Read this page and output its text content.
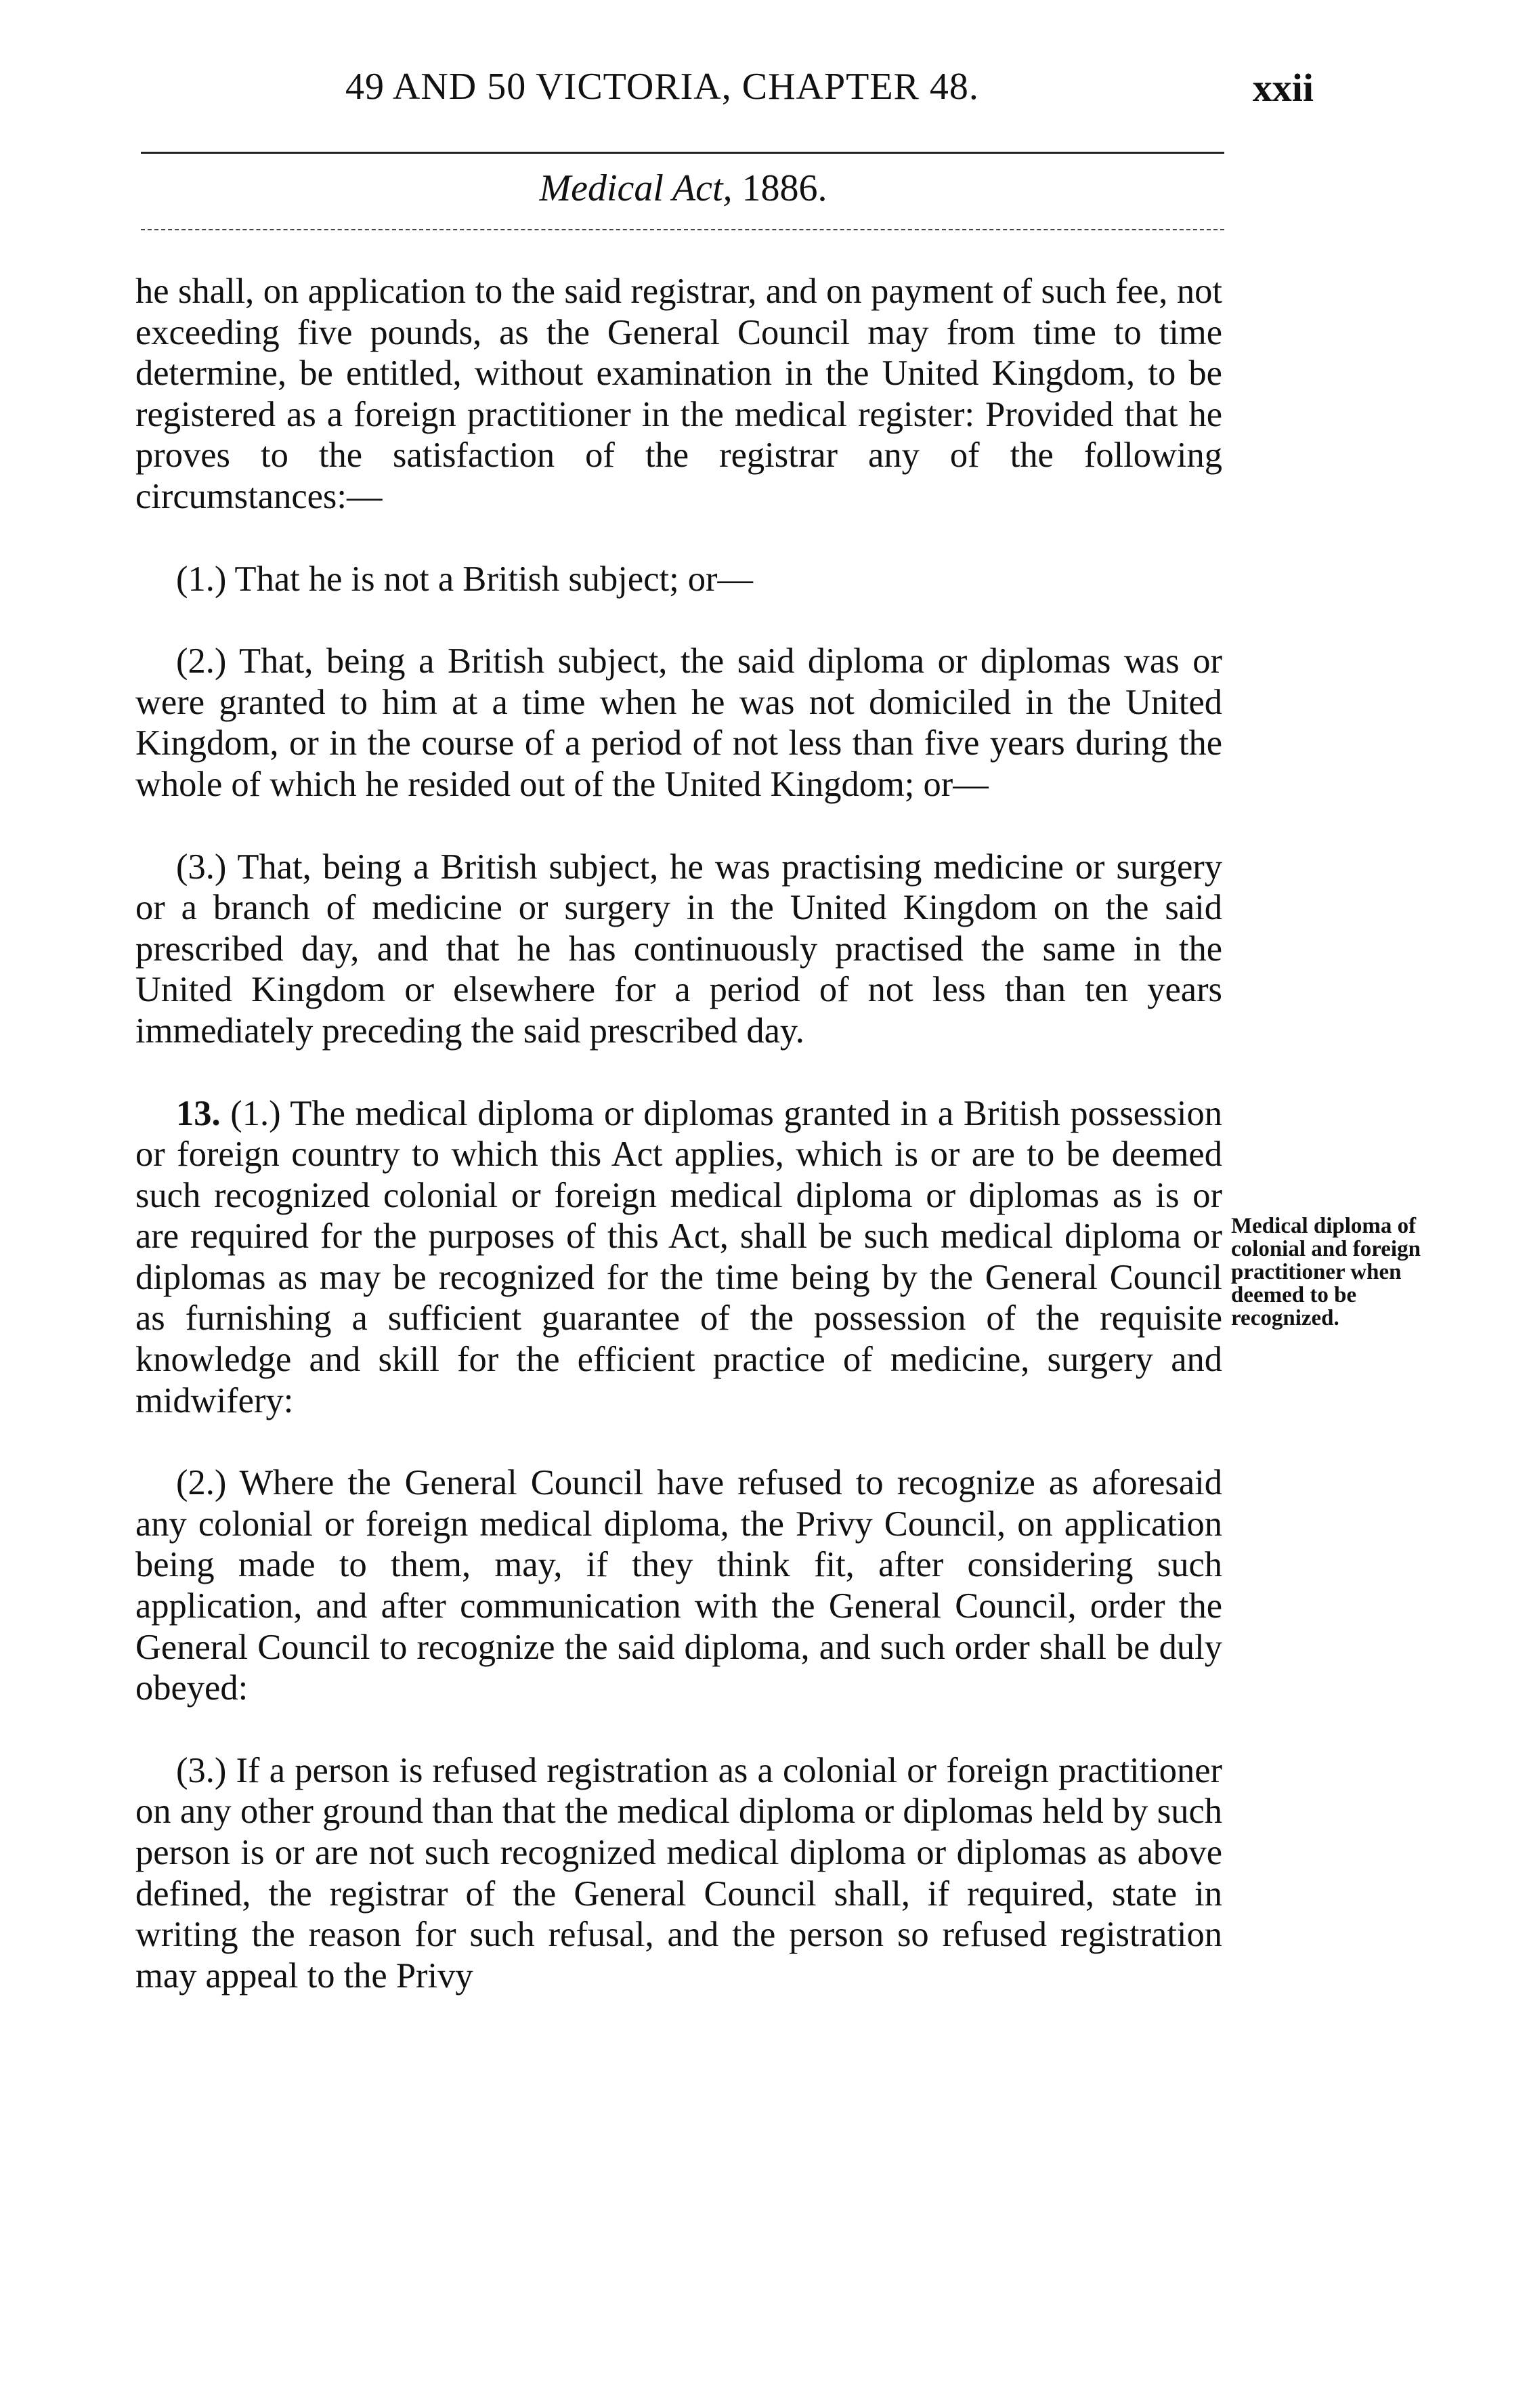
49 AND 50 VICTORIA, CHAPTER 48.	xxii
Medical Act, 1886.

he shall, on application to the said registrar, and on payment of such fee, not exceeding five pounds, as the General Council may from time to time determine, be entitled, without examination in the United Kingdom, to be registered as a foreign practitioner in the medical register: Provided that he proves to the satisfaction of the registrar any of the following circumstances:—

(1.) That he is not a British subject; or—

(2.) That, being a British subject, the said diploma or diplomas was or were granted to him at a time when he was not domiciled in the United Kingdom, or in the course of a period of not less than five years during the whole of which he resided out of the United Kingdom; or—

(3.) That, being a British subject, he was practising medicine or surgery or a branch of medicine or surgery in the United Kingdom on the said prescribed day, and that he has continuously practised the same in the United Kingdom or elsewhere for a period of not less than ten years immediately preceding the said prescribed day.

13. (1.) The medical diploma or diplomas granted in a British possession or foreign country to which this Act applies, which is or are to be deemed such recognized colonial or foreign medical diploma or diplomas as is or are required for the purposes of this Act, shall be such medical diploma or diplomas as may be recognized for the time being by the General Council as furnishing a sufficient guarantee of the possession of the requisite knowledge and skill for the efficient practice of medicine, surgery and midwifery:

(2.) Where the General Council have refused to recognize as aforesaid any colonial or foreign medical diploma, the Privy Council, on application being made to them, may, if they think fit, after considering such application, and after communication with the General Council, order the General Council to recognize the said diploma, and such order shall be duly obeyed:

(3.) If a person is refused registration as a colonial or foreign practitioner on any other ground than that the medical diploma or diplomas held by such person is or are not such recognized medical diploma or diplomas as above defined, the registrar of the General Council shall, if required, state in writing the reason for such refusal, and the person so refused registration may appeal to the Privy

Medical diploma of colonial and foreign practitioner when deemed to be recognized.
